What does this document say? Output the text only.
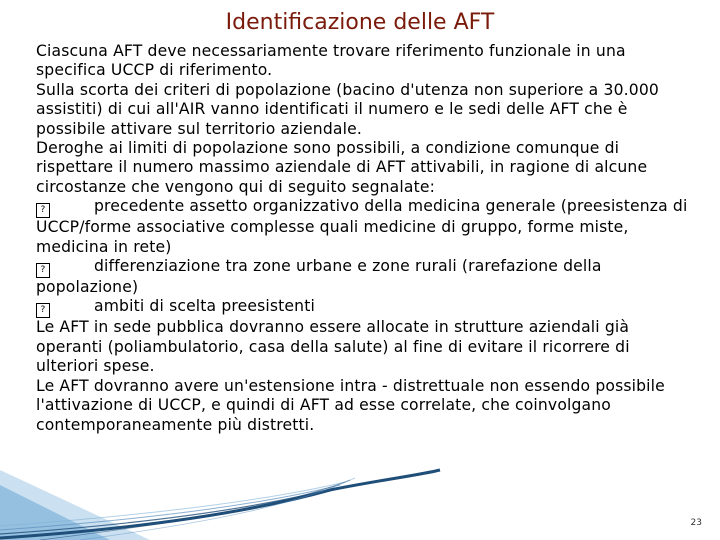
Identificazione delle AFT

Ciascuna AFT deve necessariamente trovare riferimento funzionale in una specifica UCCP di riferimento.

Sulla scorta dei criteri di popolazione (bacino d'utenza non superiore a 30.000 assistiti) di cui all'AIR vanno identificati il numero e le sedi delle AFT che è possibile attivare sul territorio aziendale.

Deroghe ai limiti di popolazione sono possibili, a condizione comunque di rispettare il numero massimo aziendale di AFT attivabili, in ragione di alcune circostanze che vengono qui di seguito segnalate:

?	precedente assetto organizzativo della medicina generale (preesistenza di UCCP/forme associative complesse quali medicine di gruppo, forme miste, medicina in rete)

?	differenziazione tra zone urbane e zone rurali (rarefazione della popolazione)

?	ambiti di scelta preesistenti

Le AFT in sede pubblica dovranno essere allocate in strutture aziendali già operanti (poliambulatorio, casa della salute) al fine di evitare il ricorrere di ulteriori spese.

Le AFT dovranno avere un'estensione intra - distrettuale non essendo possibile l'attivazione di UCCP, e quindi di AFT ad esse correlate, che coinvolgano contemporaneamente più distretti.

23
